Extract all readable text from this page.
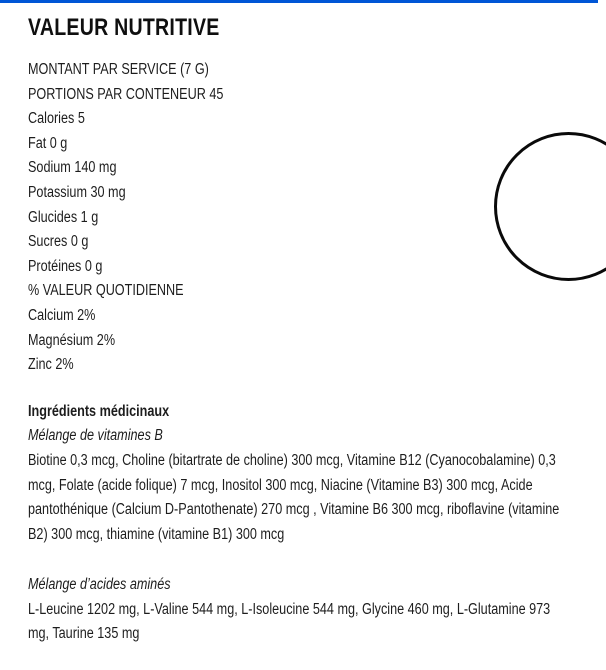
VALEUR NUTRITIVE
MONTANT PAR SERVICE (7 G)
PORTIONS PAR CONTENEUR 45
Calories 5
Fat 0 g
Sodium 140 mg
Potassium 30 mg
Glucides 1 g
Sucres 0 g
Protéines 0 g
% VALEUR QUOTIDIENNE
Calcium 2%
Magnésium 2%
Zinc 2%
Ingrédients médicinaux
Mélange de vitamines B

Biotine 0,3 mcg, Choline (bitartrate de choline) 300 mcg, Vitamine B12 (Cyanocobalamine) 0,3 mcg, Folate (acide folique) 7 mcg, Inositol 300 mcg, Niacine (Vitamine B3) 300 mcg, Acide pantothénique (Calcium D-Pantothenate) 270 mcg , Vitamine B6 300 mcg, riboflavine (vitamine B2) 300 mcg, thiamine (vitamine B1) 300 mcg

Mélange d’acides aminés

L-Leucine 1202 mg, L-Valine 544 mg, L-Isoleucine 544 mg, Glycine 460 mg, L-Glutamine 973 mg, Taurine 135 mg
